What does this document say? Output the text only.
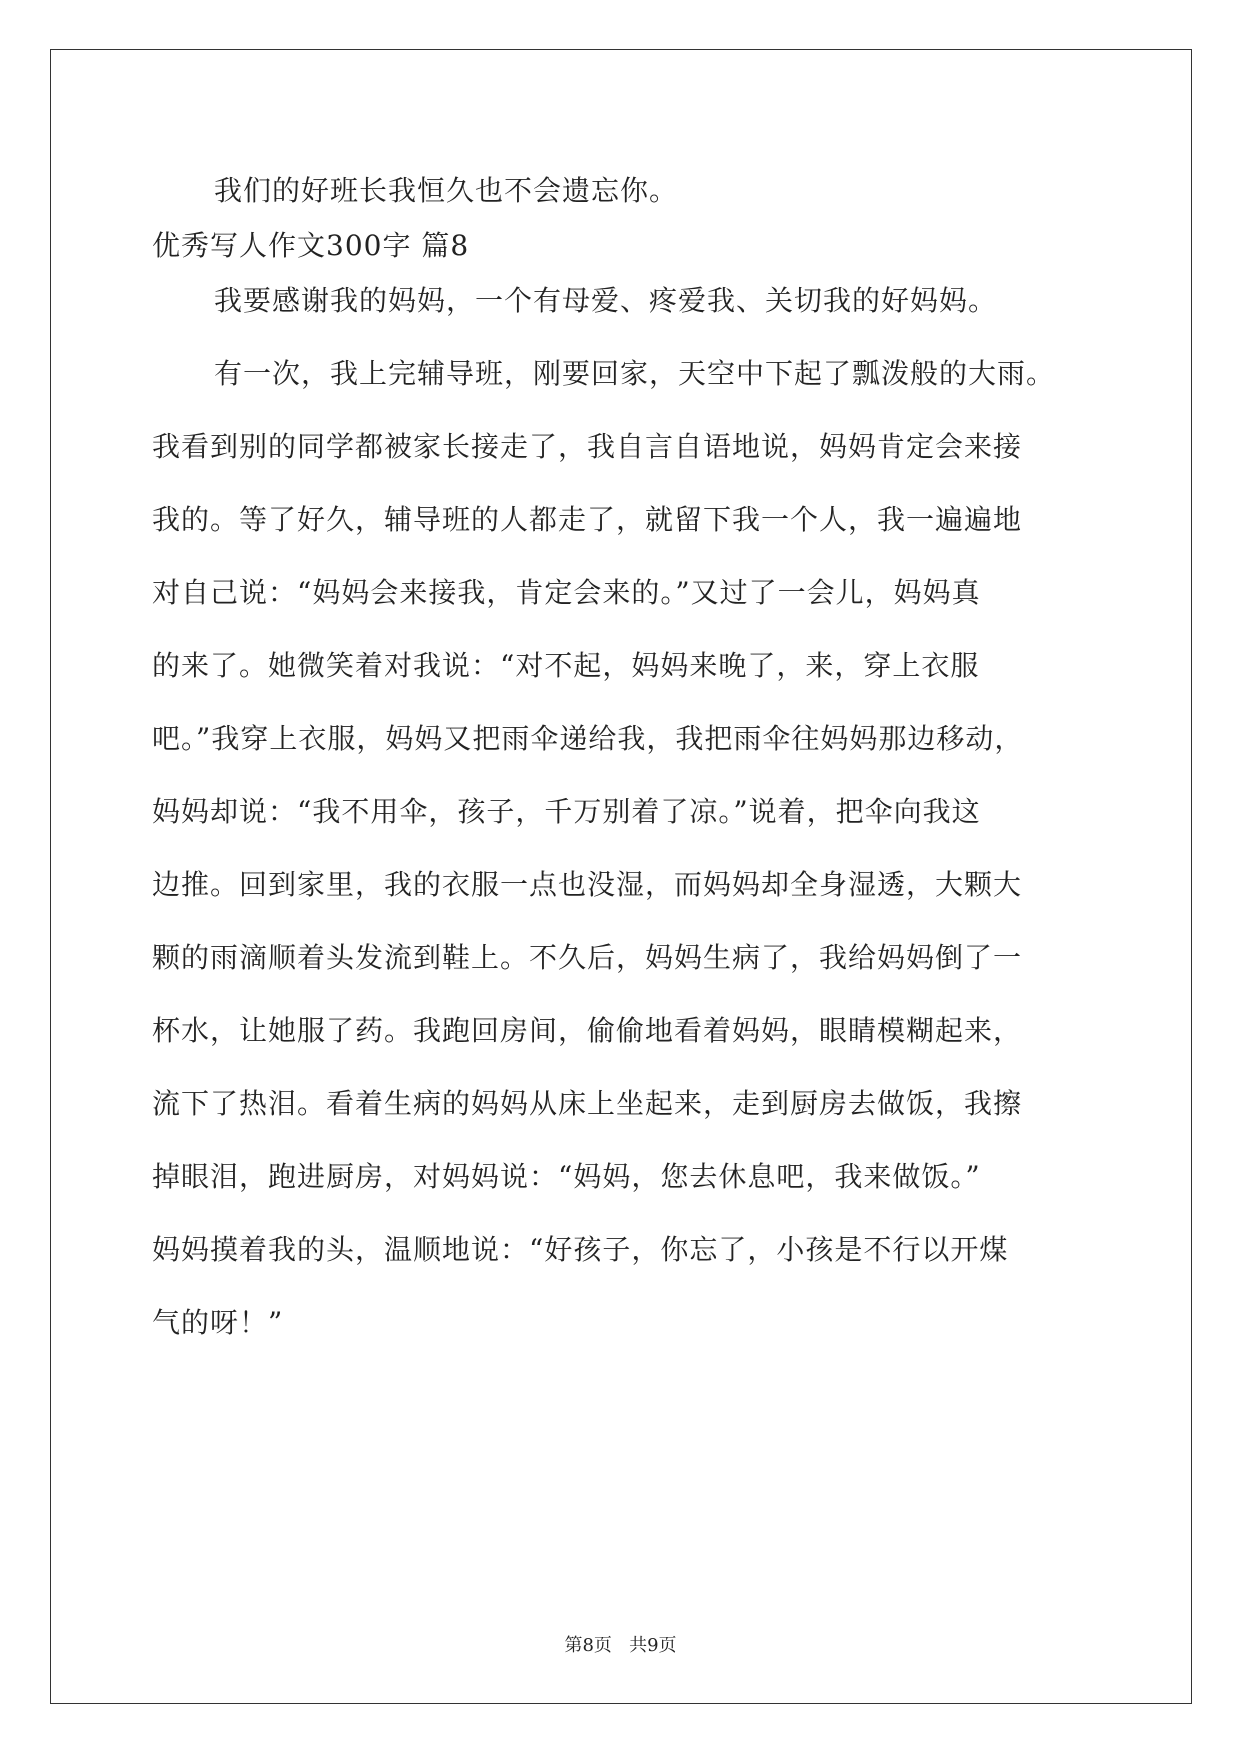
我们的好班长我恒久也不会遗忘你。
优秀写人作文300字 篇8
我要感谢我的妈妈，一个有母爱、疼爱我、关切我的好妈妈。
有一次，我上完辅导班，刚要回家，天空中下起了瓢泼般的大雨。
我看到别的同学都被家长接走了，我自言自语地说，妈妈肯定会来接
我的。等了好久，辅导班的人都走了，就留下我一个人，我一遍遍地
对自己说：“妈妈会来接我，肯定会来的。”又过了一会儿，妈妈真
的来了。她微笑着对我说：“对不起，妈妈来晚了，来，穿上衣服
吧。”我穿上衣服，妈妈又把雨伞递给我，我把雨伞往妈妈那边移动，
妈妈却说：“我不用伞，孩子，千万别着了凉。”说着，把伞向我这
边推。回到家里，我的衣服一点也没湿，而妈妈却全身湿透，大颗大
颗的雨滴顺着头发流到鞋上。不久后，妈妈生病了，我给妈妈倒了一
杯水，让她服了药。我跑回房间，偷偷地看着妈妈，眼睛模糊起来，
流下了热泪。看着生病的妈妈从床上坐起来，走到厨房去做饭，我擦
掉眼泪，跑进厨房，对妈妈说：“妈妈，您去休息吧，我来做饭。”
妈妈摸着我的头，温顺地说：“好孩子，你忘了，小孩是不行以开煤
气的呀！”
第8页   共9页
